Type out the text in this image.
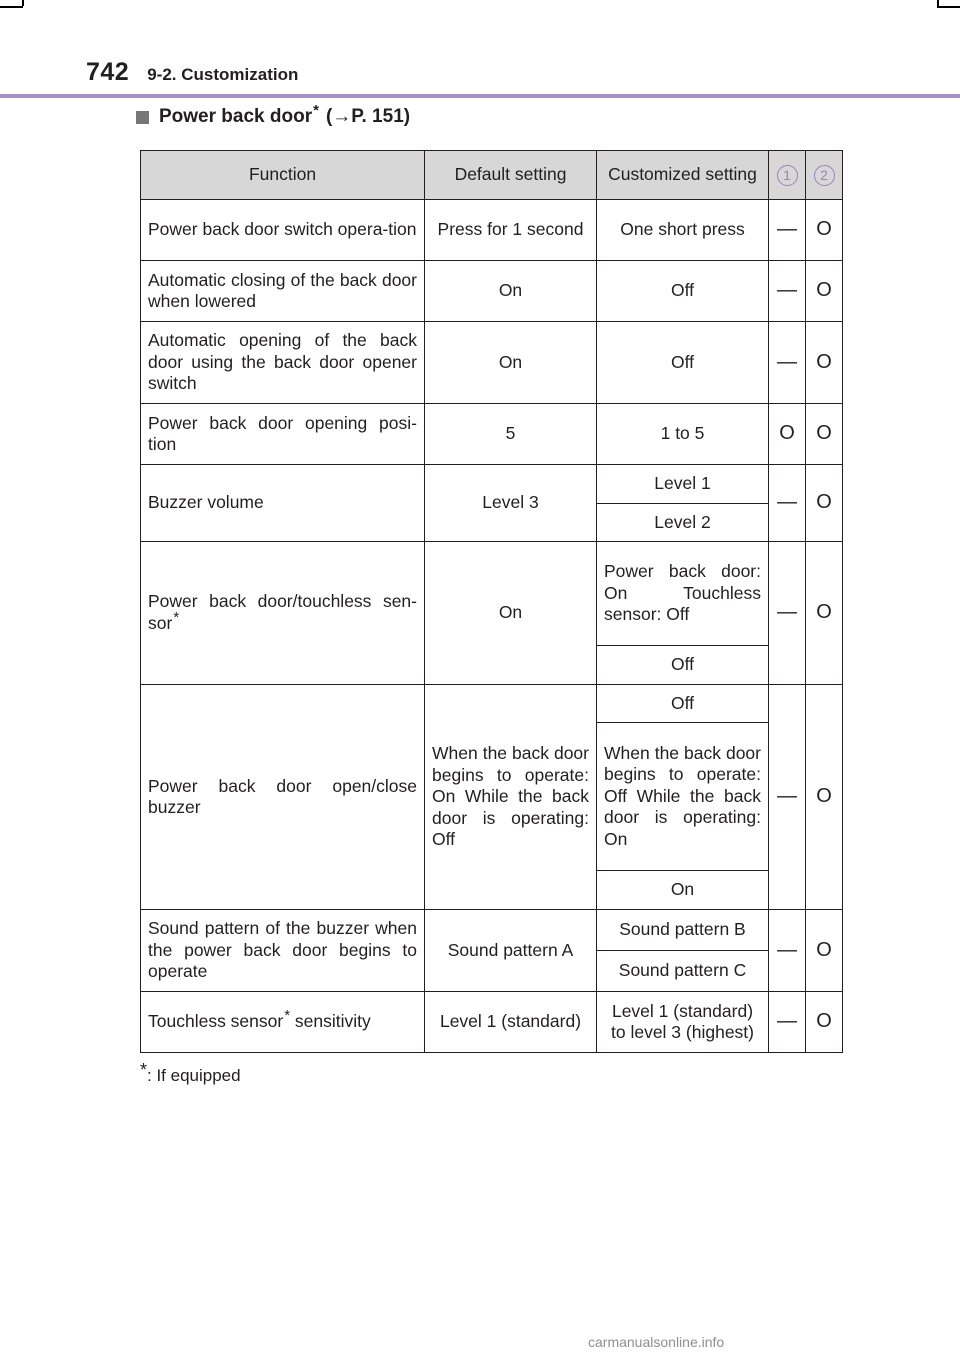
742 9-2. Customization
Power back door * (→P. 151)
Function	Default setting	Customized setting	1	2
Power back door switch opera-tion	Press for 1 second	One short press	—	O
Automatic closing of the back door when lowered	On	Off	—	O
Automatic opening of the back door using the back door opener switch	On	Off	—	O
Power back door opening posi-tion	5	1 to 5	O	O
Buzzer volume	Level 3	Level 1	—	O
		Level 2		
Power back door/touchless sen-sor*	On	Power back door: On Touchless sensor: Off	—	O
		Off		
Power back door open/close buzzer	When the back door begins to operate: On While the back door is operating: Off	Off	—	O
		When the back door begins to operate: Off While the back door is operating: On		
		On		
Sound pattern of the buzzer when the power back door begins to operate	Sound pattern A	Sound pattern B	—	O
		Sound pattern C		
Touchless sensor* sensitivity	Level 1 (standard)	Level 1 (standard) to level 3 (highest)	—	O
*: If equipped
carmanualsonline.info
